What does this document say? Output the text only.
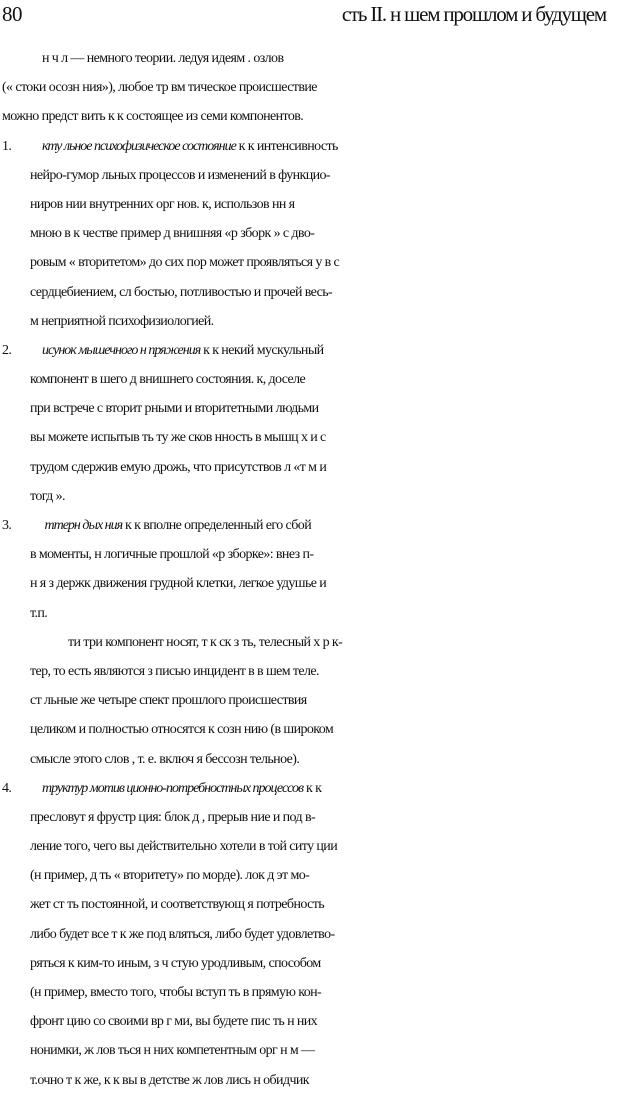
80	сть II. н шем прошлом и будущем
н ч л — немного теории. ледуя идеям . озлов
(« стоки осозн ния»), любое тр вм тическое происшествие
можно предст вить к к состоящее из семи компонентов.
1. кту льное психофизическое состояние к к интенсивность
нейро-гумор льных процессов и изменений в функцио-
ниров нии внутренних орг нов. к, использов нн я
мною в к честве пример д внишняя «р зборк » с дво-
ровым « вторитетом» до сих пор может проявляться у в с
сердцебиением, сл бостью, потливостью и прочей весь-
м неприятной психофизиологией.
2. исунок мышечного н пряжения к к некий мускульный
компонент в шего д внишнего состояния. к, доселе
при встрече с вторит рными и вторитетными людьми
вы можете испытыв ть ту же сков нность в мышц х и с
трудом сдержив емую дрожь, что присутствов л «т м и
тогд ».
3. ттерн дых ния к к вполне определенный его сбой
в моменты, н логичные прошлой «р зборке»: внез п-
н я з держк движения грудной клетки, легкое удушье и
т.п.
ти три компонент носят, т к ск з ть, телесный х р к-
тер, то есть являются з писью инцидент в в шем теле.
ст льные же четыре спект прошлого происшествия
целиком и полностью относятся к созн нию (в широком
смысле этого слов , т. е. включ я бессозн тельное).
4. труктур мотив ционно-потребностных процессов к к
пресловут я фрустр ция: блок д , прерыв ние и под в-
ление того, чего вы действительно хотели в той ситу ции
(н пример, д ть « вторитету» по морде). лок д эт мо-
жет ст ть постоянной, и соответствующ я потребность
либо будет все т к же под вляться, либо будет удовлетво-
ряться к ким-то иным, з ч стую уродливым, способом
(н пример, вместо того, чтобы вступ ть в прямую кон-
фронт цию со своими вр г ми, вы будете пис ть н них
нонимки, ж лов ться н них компетентным орг н м —
т.очно т к же, к к вы в детстве ж лов лись н обидчик
